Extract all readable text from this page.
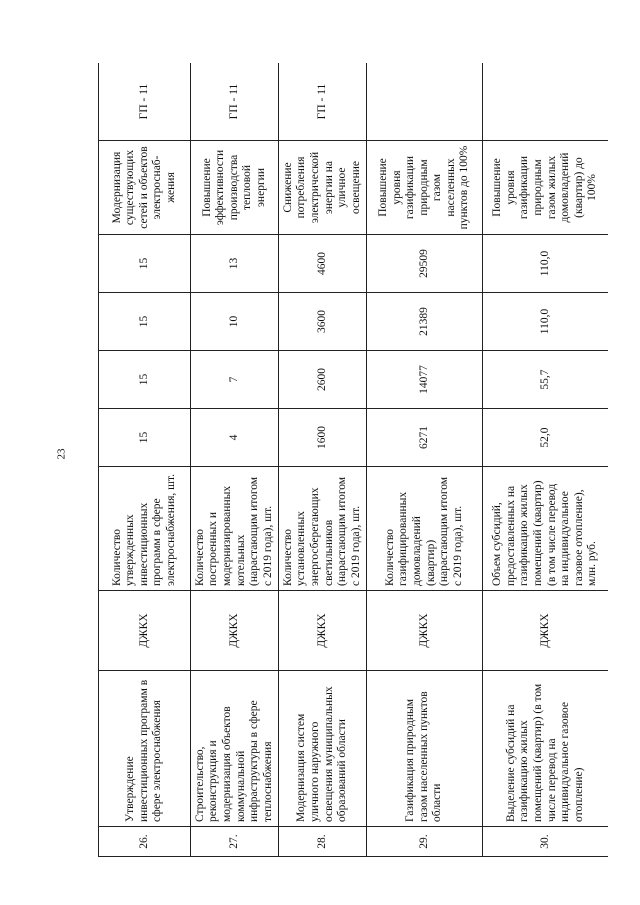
23
26.	Утверждение инвестиционных программ в сфере электроснабжения	ДЖКХ	Количество утвержденных инвестиционных программ в сфере электроснабжения, шт.	15	15	15	15	Модернизация существующих сетей и объектов электроснаб-жения	ГП - 11
27.	Строительство, реконструкция и модернизация объектов коммунальной инфраструктуры в сфере теплоснабжения	ДЖКХ	Количество построенных и модернизированных котельных (нарастающим итогом с 2019 года), шт.	4	7	10	13	Повышение эффективности производства тепловой энергии	ГП - 11
28.	Модернизация систем уличного наружного освещения муниципальных образований области	ДЖКХ	Количество установленных энергосберегающих светильников (нарастающим итогом с 2019 года), шт.	1600	2600	3600	4600	Снижение потребления электрической энергии на уличное освещение	ГП - 11
29.	Газификация природным газом населенных пунктов области	ДЖКХ	Количество газифицированных домовладений (квартир) (нарастающим итогом с 2019 года), шт.	6271	14077	21389	29509	Повышение уровня газификации природным газом населенных пунктов до 100%	
30.	Выделение субсидий на газификацию жилых помещений (квартир) (в том числе перевод на индивидуальное газовое отопление)	ДЖКХ	Объем субсидий, предоставленных на газификацию жилых помещений (квартир) (в том числе перевод на индивидуальное газовое отопление), млн. руб.	52,0	55,7	110,0	110,0	Повышение уровня газификации природным газом жилых домовладений (квартир) до 100%	
